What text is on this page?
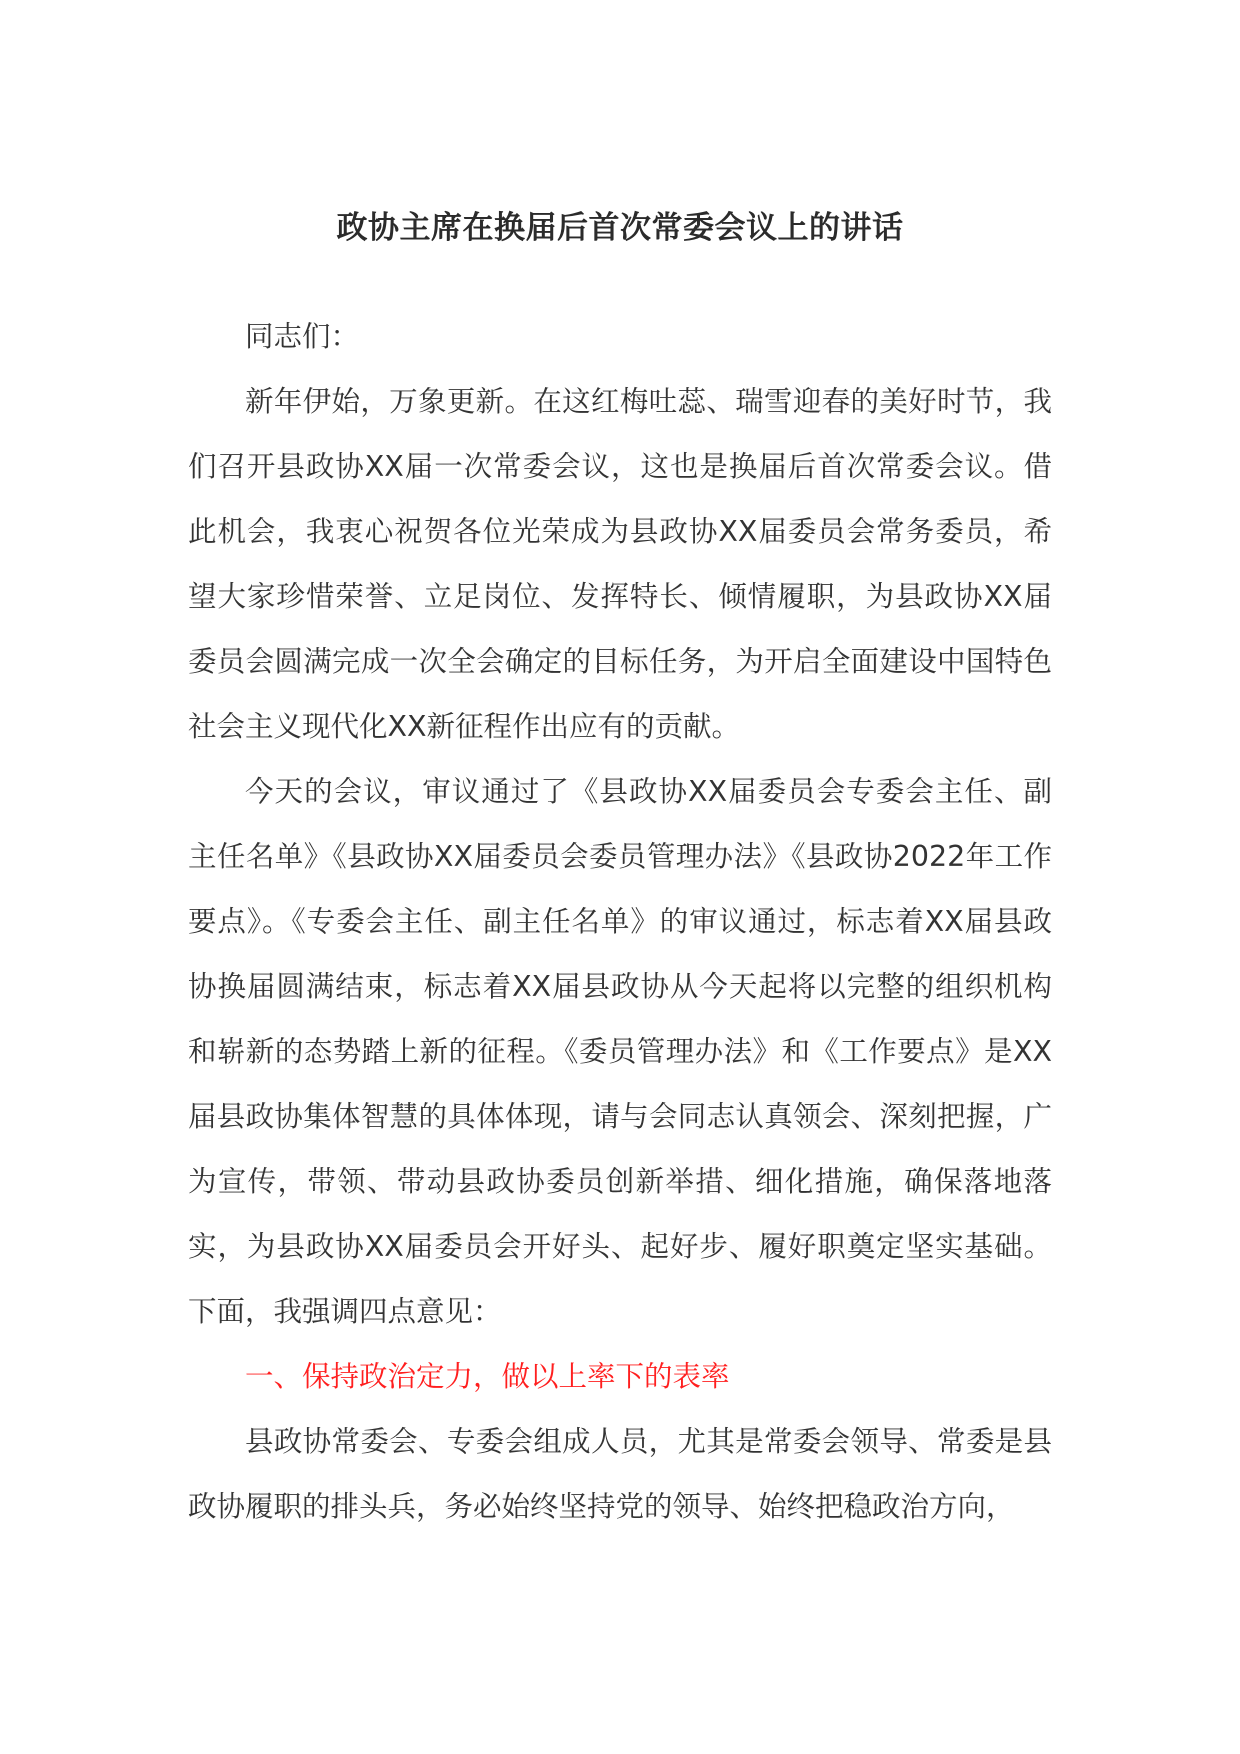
政协主席在换届后首次常委会议上的讲话

同志们：

新年伊始，万象更新。在这红梅吐蕊、瑞雪迎春的美好时节，我们召开县政协XX届一次常委会议，这也是换届后首次常委会议。借此机会，我衷心祝贺各位光荣成为县政协XX届委员会常务委员，希望大家珍惜荣誉、立足岗位、发挥特长、倾情履职，为县政协XX届委员会圆满完成一次全会确定的目标任务，为开启全面建设中国特色社会主义现代化XX新征程作出应有的贡献。

今天的会议，审议通过了《县政协XX届委员会专委会主任、副主任名单》《县政协XX届委员会委员管理办法》《县政协2022年工作要点》。《专委会主任、副主任名单》的审议通过，标志着XX届县政协换届圆满结束，标志着XX届县政协从今天起将以完整的组织机构和崭新的态势踏上新的征程。《委员管理办法》和《工作要点》是XX届县政协集体智慧的具体体现，请与会同志认真领会、深刻把握，广为宣传，带领、带动县政协委员创新举措、细化措施，确保落地落实，为县政协XX届委员会开好头、起好步、履好职奠定坚实基础。下面，我强调四点意见：

一、保持政治定力，做以上率下的表率

县政协常委会、专委会组成人员，尤其是常委会领导、常委是县政协履职的排头兵，务必始终坚持党的领导、始终把稳政治方向，
